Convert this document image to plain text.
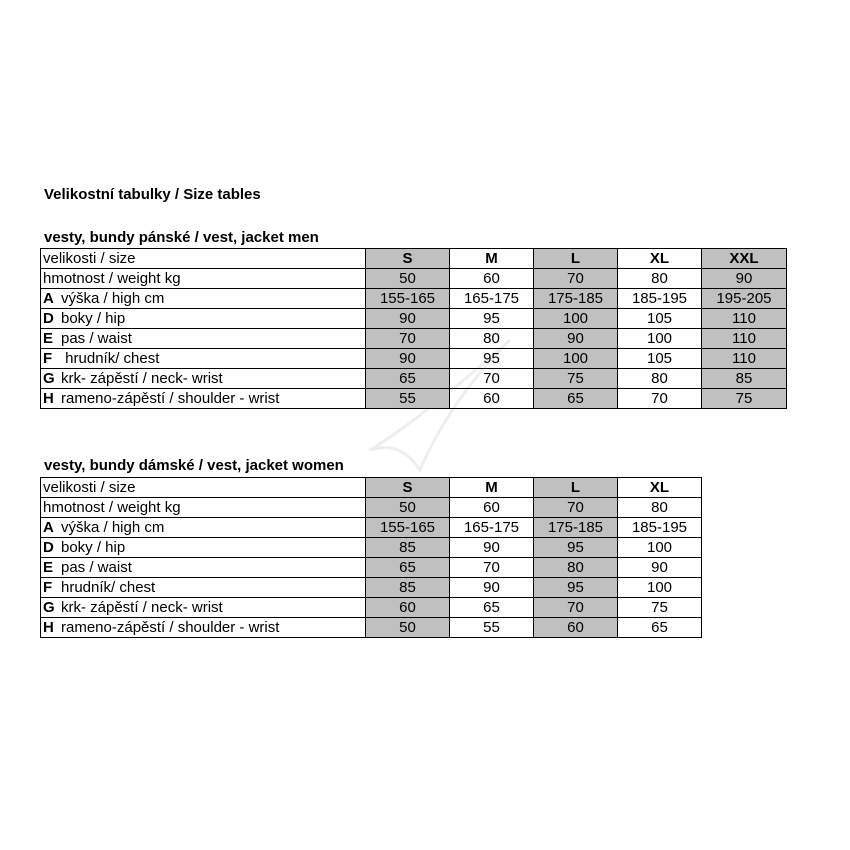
Velikostní tabulky / Size tables
vesty, bundy pánské / vest, jacket men
velikosti / size	S	M	L	XL	XXL
hmotnost / weight kg	50	60	70	80	90
A výška / high cm	155-165	165-175	175-185	185-195	195-205
D boky / hip	90	95	100	105	110
E pas / waist	70	80	90	100	110
F hrudník/ chest	90	95	100	105	110
G krk- zápěstí / neck- wrist	65	70	75	80	85
H rameno-zápěstí / shoulder - wrist	55	60	65	70	75
vesty, bundy dámské / vest, jacket women
velikosti / size	S	M	L	XL
hmotnost / weight kg	50	60	70	80
A výška / high cm	155-165	165-175	175-185	185-195
D boky / hip	85	90	95	100
E pas / waist	65	70	80	90
F hrudník/ chest	85	90	95	100
G krk- zápěstí / neck- wrist	60	65	70	75
H rameno-zápěstí / shoulder - wrist	50	55	60	65
